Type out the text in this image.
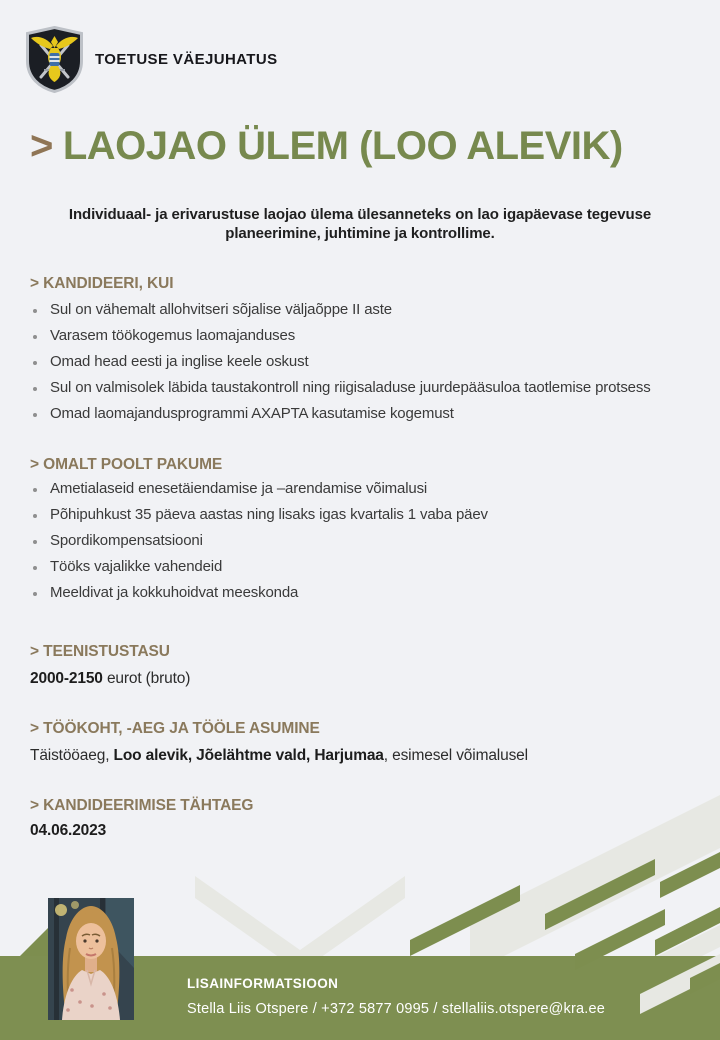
TOETUSE VÄEJUHATUS
> LAOJAO ÜLEM (LOO ALEVIK)
Individuaal- ja erivarustuse laojao ülema ülesanneteks on lao igapäevase tegevuse planeerimine, juhtimine ja kontrollime.
> KANDIDEERI, KUI
Sul on vähemalt allohvitseri sõjalise väljaõppe II aste
Varasem töökogemus laomajanduses
Omad head eesti ja inglise keele oskust
Sul on valmisolek läbida taustakontroll ning riigisaladuse juurdepääsuloa taotlemise protsess
Omad laomajandusprogrammi AXAPTA kasutamise kogemust
> OMALT POOLT PAKUME
Ametialaseid enesetäiendamise ja –arendamise võimalusi
Põhipuhkust 35 päeva aastas ning lisaks igas kvartalis 1 vaba päev
Spordikompensatsiooni
Tööks vajalikke vahendeid
Meeldivat ja kokkuhoidvat meeskonda
> TEENISTUSTASU
2000-2150 eurot (bruto)
> TÖÖKOHT, -AEG JA TÖÖLE ASUMINE
Täistööaeg, Loo alevik, Jõelähtme vald, Harjumaa, esimesel võimalusel
> KANDIDEERIMISE TÄHTAEG
04.06.2023
LISAINFORMATSIOON
Stella Liis Otspere / +372 5877 0995 / stellaliis.otspere@kra.ee
